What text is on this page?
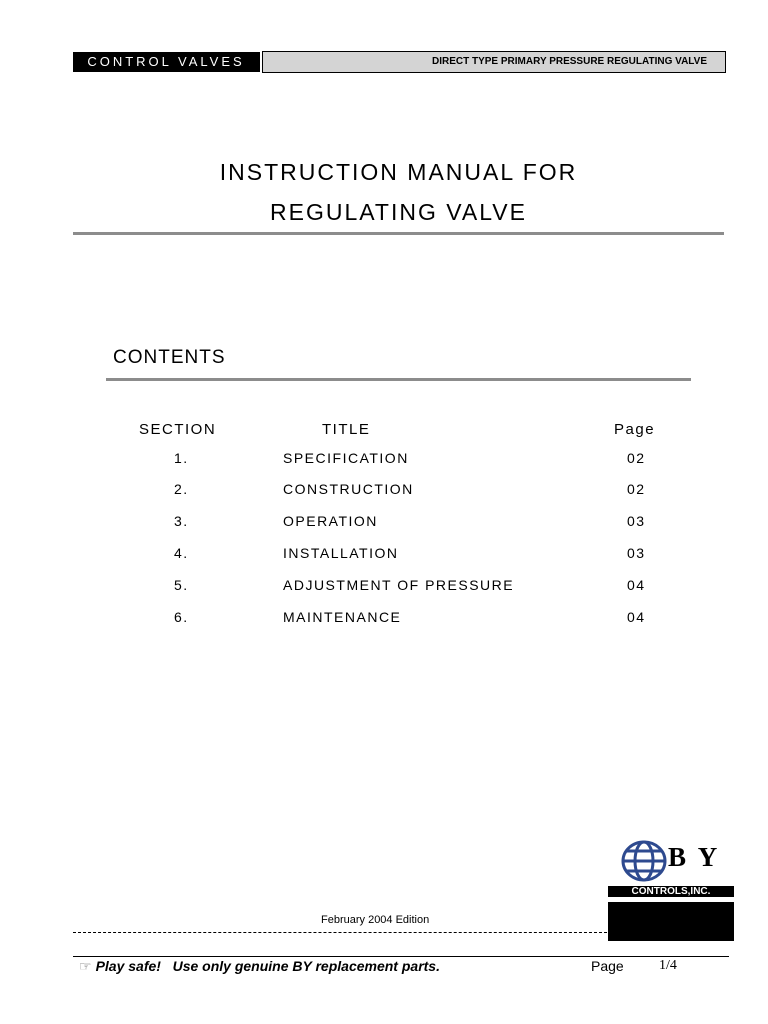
CONTROL VALVES	DIRECT TYPE PRIMARY PRESSURE REGULATING VALVE
INSTRUCTION MANUAL FOR
REGULATING VALVE
CONTENTS
SECTION	TITLE	Page
1.	SPECIFICATION	02
2.	CONSTRUCTION	02
3.	OPERATION	03
4.	INSTALLATION	03
5.	ADJUSTMENT OF PRESSURE	04
6.	MAINTENANCE	04
B Y
CONTROLS,INC.
February 2004 Edition
☞ Play safe!   Use only genuine BY replacement parts.	Page	1/4
